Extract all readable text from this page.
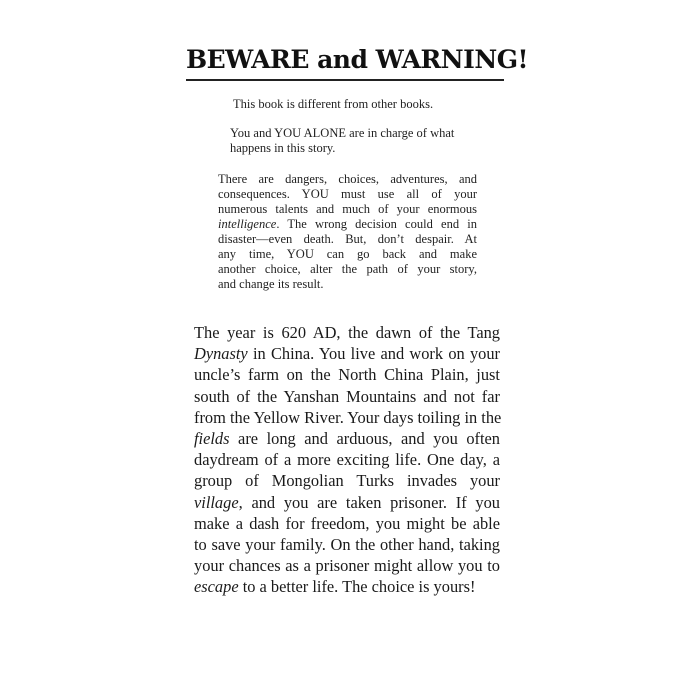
BEWARE and WARNING!
This book is different from other books.
You and YOU ALONE are in charge of what happens in this story.
There are dangers, choices, adventures, and
consequences. YOU must use all of your
numerous talents and much of your enormous
intelligence. The wrong decision could end in
disaster—even death. But, don’t despair. At
any time, YOU can go back and make
another choice, alter the path of your story,
and change its result.
The year is 620 AD, the dawn of the Tang
Dynasty in China. You live and work on your
uncle’s farm on the North China Plain, just
south of the Yanshan Mountains and not far
from the Yellow River. Your days toiling in the
fields are long and arduous, and you often
daydream of a more exciting life. One day, a
group of Mongolian Turks invades your
village, and you are taken prisoner. If you
make a dash for freedom, you might be able
to save your family. On the other hand, taking
your chances as a prisoner might allow you to
escape to a better life. The choice is yours!
